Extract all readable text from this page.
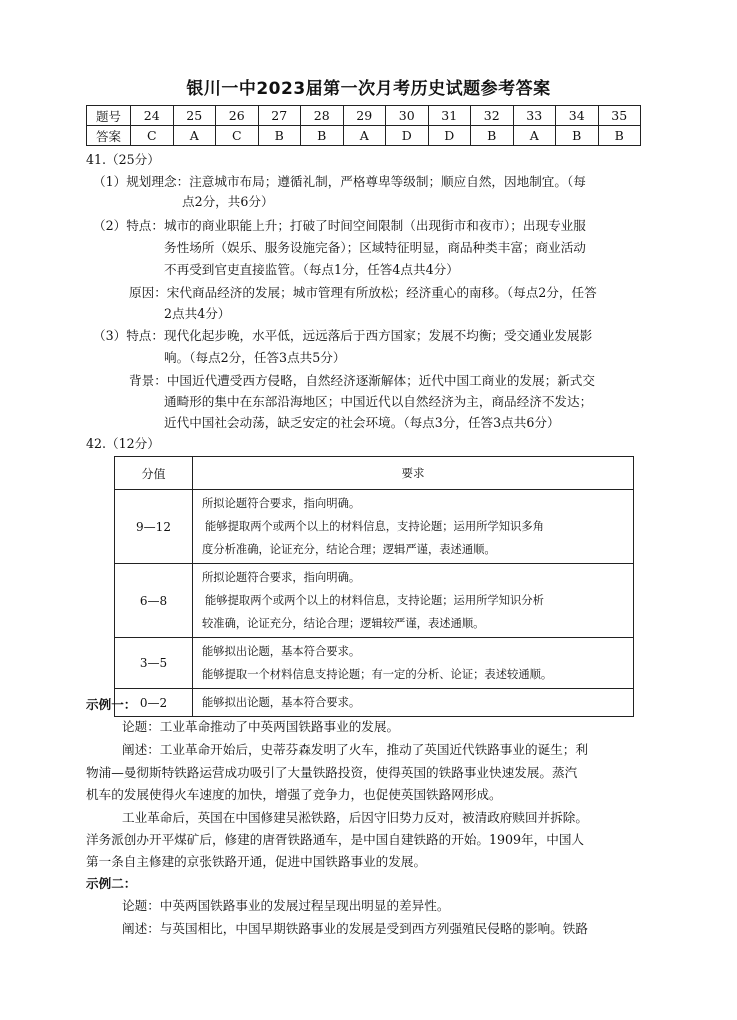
银川一中2023届第一次月考历史试题参考答案
题号	24	25	26	27	28	29	30	31	32	33	34	35
答案	C	A	C	B	B	A	D	D	B	A	B	B
41.（25分）
（1）规划理念：注意城市布局；遵循礼制，严格尊卑等级制；顺应自然，因地制宜。（每
点2分，共6分）
（2）特点：城市的商业职能上升；打破了时间空间限制（出现街市和夜市）；出现专业服
务性场所（娱乐、服务设施完备）；区域特征明显，商品种类丰富；商业活动
不再受到官吏直接监管。（每点1分，任答4点共4分）
原因：宋代商品经济的发展；城市管理有所放松；经济重心的南移。（每点2分，任答
2点共4分）
（3）特点：现代化起步晚，水平低，远远落后于西方国家；发展不均衡；受交通业发展影
响。（每点2分，任答3点共5分）
背景：中国近代遭受西方侵略，自然经济逐渐解体；近代中国工商业的发展；新式交
通畸形的集中在东部沿海地区；中国近代以自然经济为主，商品经济不发达；
近代中国社会动荡，缺乏安定的社会环境。（每点3分，任答3点共6分）
42.（12分）
分值	要求
9—12	所拟论题符合要求，指向明确。
能够提取两个或两个以上的材料信息，支持论题；运用所学知识多角
度分析准确，论证充分，结论合理；逻辑严谨，表述通顺。

6—8	所拟论题符合要求，指向明确。
能够提取两个或两个以上的材料信息，支持论题；运用所学知识分析
较准确，论证充分，结论合理；逻辑较严谨，表述通顺。

3—5	能够拟出论题，基本符合要求。
能够提取一个材料信息支持论题；有一定的分析、论证；表述较通顺。

0—2	能够拟出论题，基本符合要求。
示例一：
论题：工业革命推动了中英两国铁路事业的发展。
阐述：工业革命开始后，史蒂芬森发明了火车，推动了英国近代铁路事业的诞生；利
物浦—曼彻斯特铁路运营成功吸引了大量铁路投资，使得英国的铁路事业快速发展。蒸汽
机车的发展使得火车速度的加快，增强了竞争力，也促使英国铁路网形成。
工业革命后，英国在中国修建吴淞铁路，后因守旧势力反对，被清政府赎回并拆除。
洋务派创办开平煤矿后，修建的唐胥铁路通车，是中国自建铁路的开始。1909年，中国人
第一条自主修建的京张铁路开通，促进中国铁路事业的发展。
示例二：
论题：中英两国铁路事业的发展过程呈现出明显的差异性。
阐述：与英国相比，中国早期铁路事业的发展是受到西方列强殖民侵略的影响。铁路
